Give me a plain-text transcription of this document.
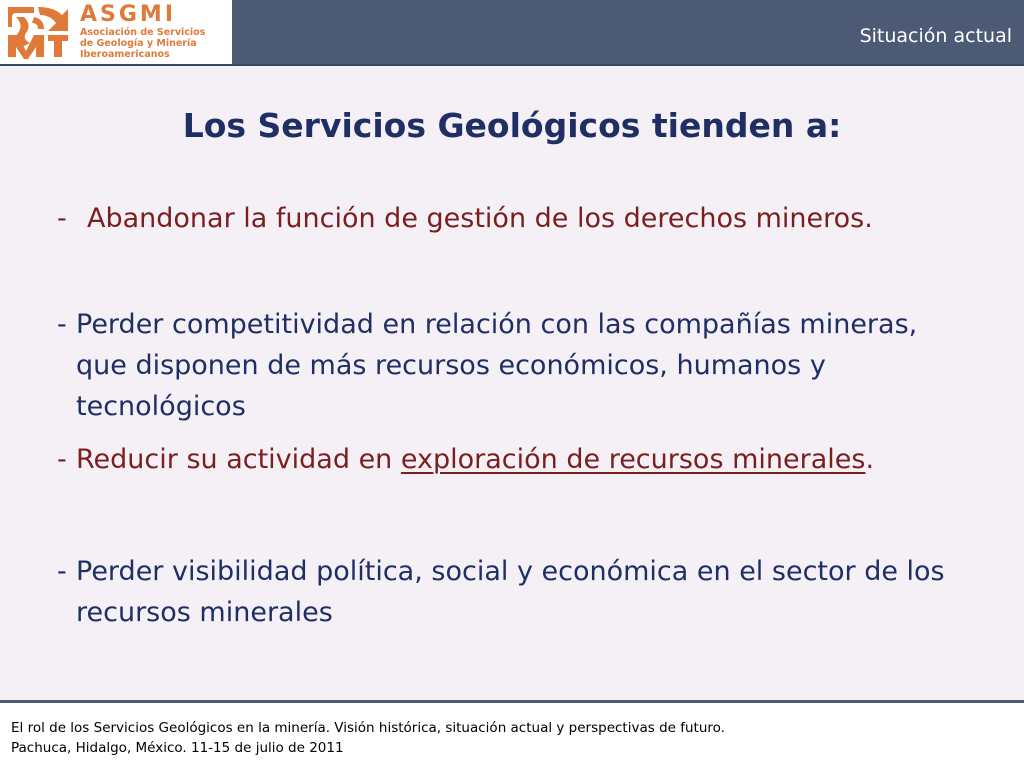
ASGMI
Asociación de Servicios
de Geología y Minería
Iberoamericanos
Situación actual
Los Servicios Geológicos tienden a:
- Abandonar la función de gestión de los derechos mineros.
- Perder competitividad en relación con las compañías mineras, que disponen de más recursos económicos, humanos y tecnológicos
- Reducir su actividad en exploración de recursos minerales.
- Perder visibilidad política, social y económica en el sector de los recursos minerales
El rol de los Servicios Geológicos en la minería. Visión histórica, situación actual y perspectivas de futuro.
Pachuca, Hidalgo, México. 11-15 de julio de 2011
